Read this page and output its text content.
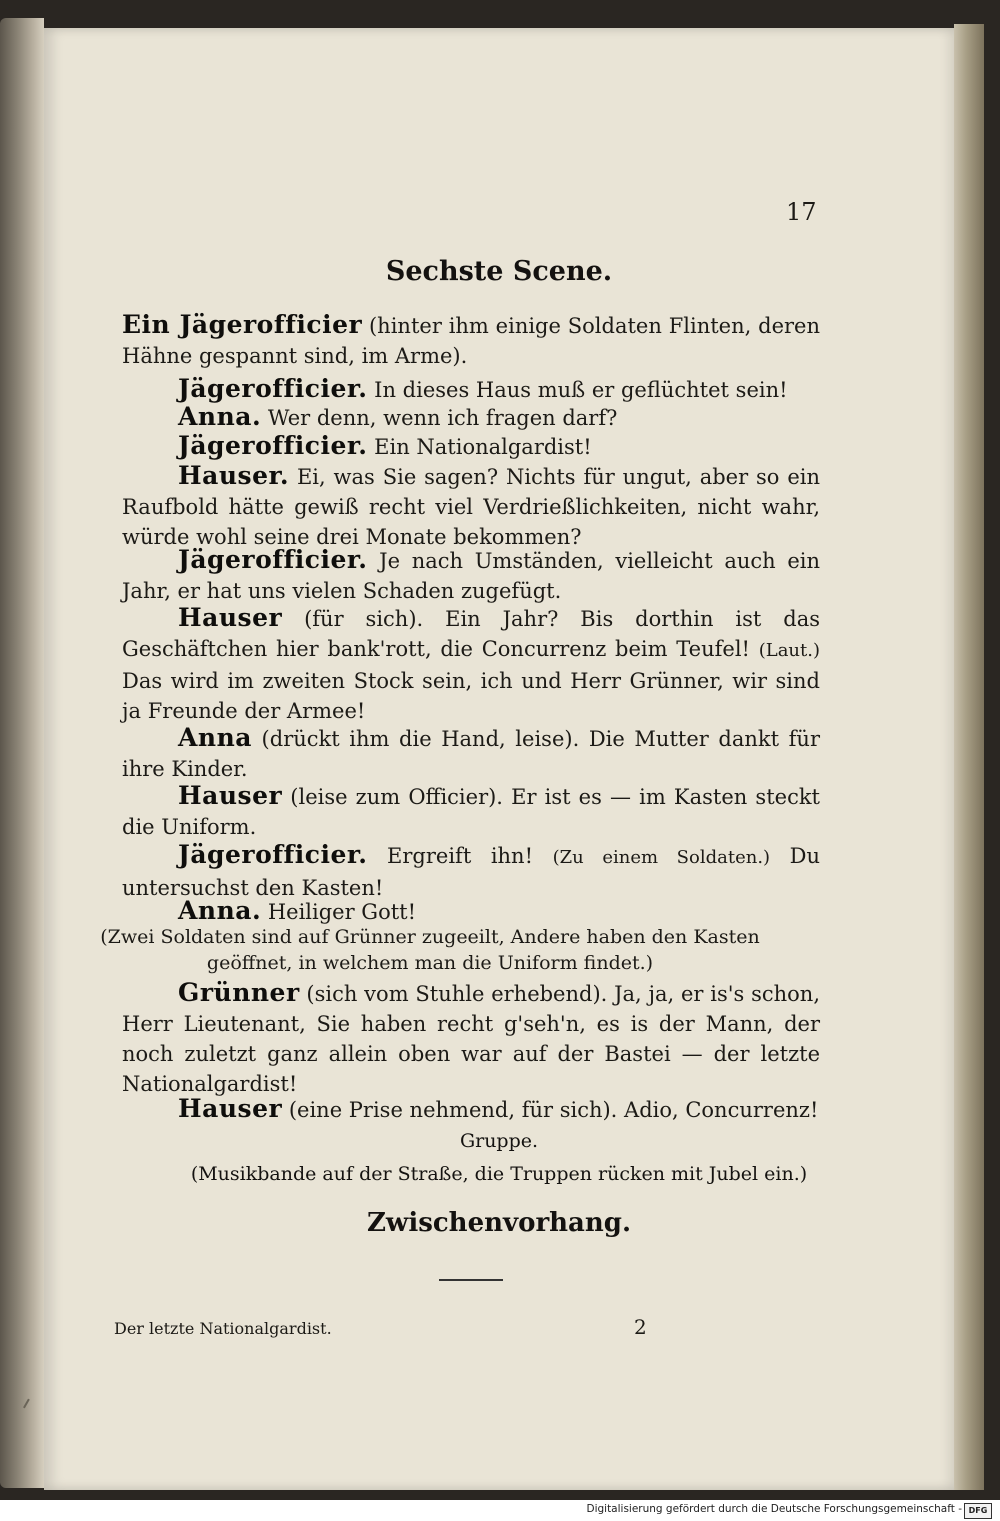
17
Sechste Scene.
Ein Jägerofficier (hinter ihm einige Soldaten Flinten, deren Hähne gespannt sind, im Arme).
Jägerofficier. In dieses Haus muß er geflüchtet sein!
Anna. Wer denn, wenn ich fragen darf?
Jägerofficier. Ein Nationalgardist!
Hauser. Ei, was Sie sagen? Nichts für ungut, aber so ein Raufbold hätte gewiß recht viel Verdrießlichkeiten, nicht wahr, würde wohl seine drei Monate bekommen?
Jägerofficier. Je nach Umständen, vielleicht auch ein Jahr, er hat uns vielen Schaden zugefügt.
Hauser (für sich). Ein Jahr? Bis dorthin ist das Geschäftchen hier bank'rott, die Concurrenz beim Teufel! (Laut.) Das wird im zweiten Stock sein, ich und Herr Grünner, wir sind ja Freunde der Armee!
Anna (drückt ihm die Hand, leise). Die Mutter dankt für ihre Kinder.
Hauser (leise zum Officier). Er ist es — im Kasten steckt die Uniform.
Jägerofficier. Ergreift ihn! (Zu einem Soldaten.) Du untersuchst den Kasten!
Anna. Heiliger Gott!
(Zwei Soldaten sind auf Grünner zugeeilt, Andere haben den Kasten geöffnet, in welchem man die Uniform findet.)
Grünner (sich vom Stuhle erhebend). Ja, ja, er is's schon, Herr Lieutenant, Sie haben recht g'seh'n, es is der Mann, der noch zuletzt ganz allein oben war auf der Bastei — der letzte Nationalgardist!
Hauser (eine Prise nehmend, für sich). Adio, Concurrenz!
Gruppe.
(Musikbande auf der Straße, die Truppen rücken mit Jubel ein.)
Zwischenvorhang.
Der letzte Nationalgardist.	2
Digitalisierung gefördert durch die Deutsche Forschungsgemeinschaft - DFG
